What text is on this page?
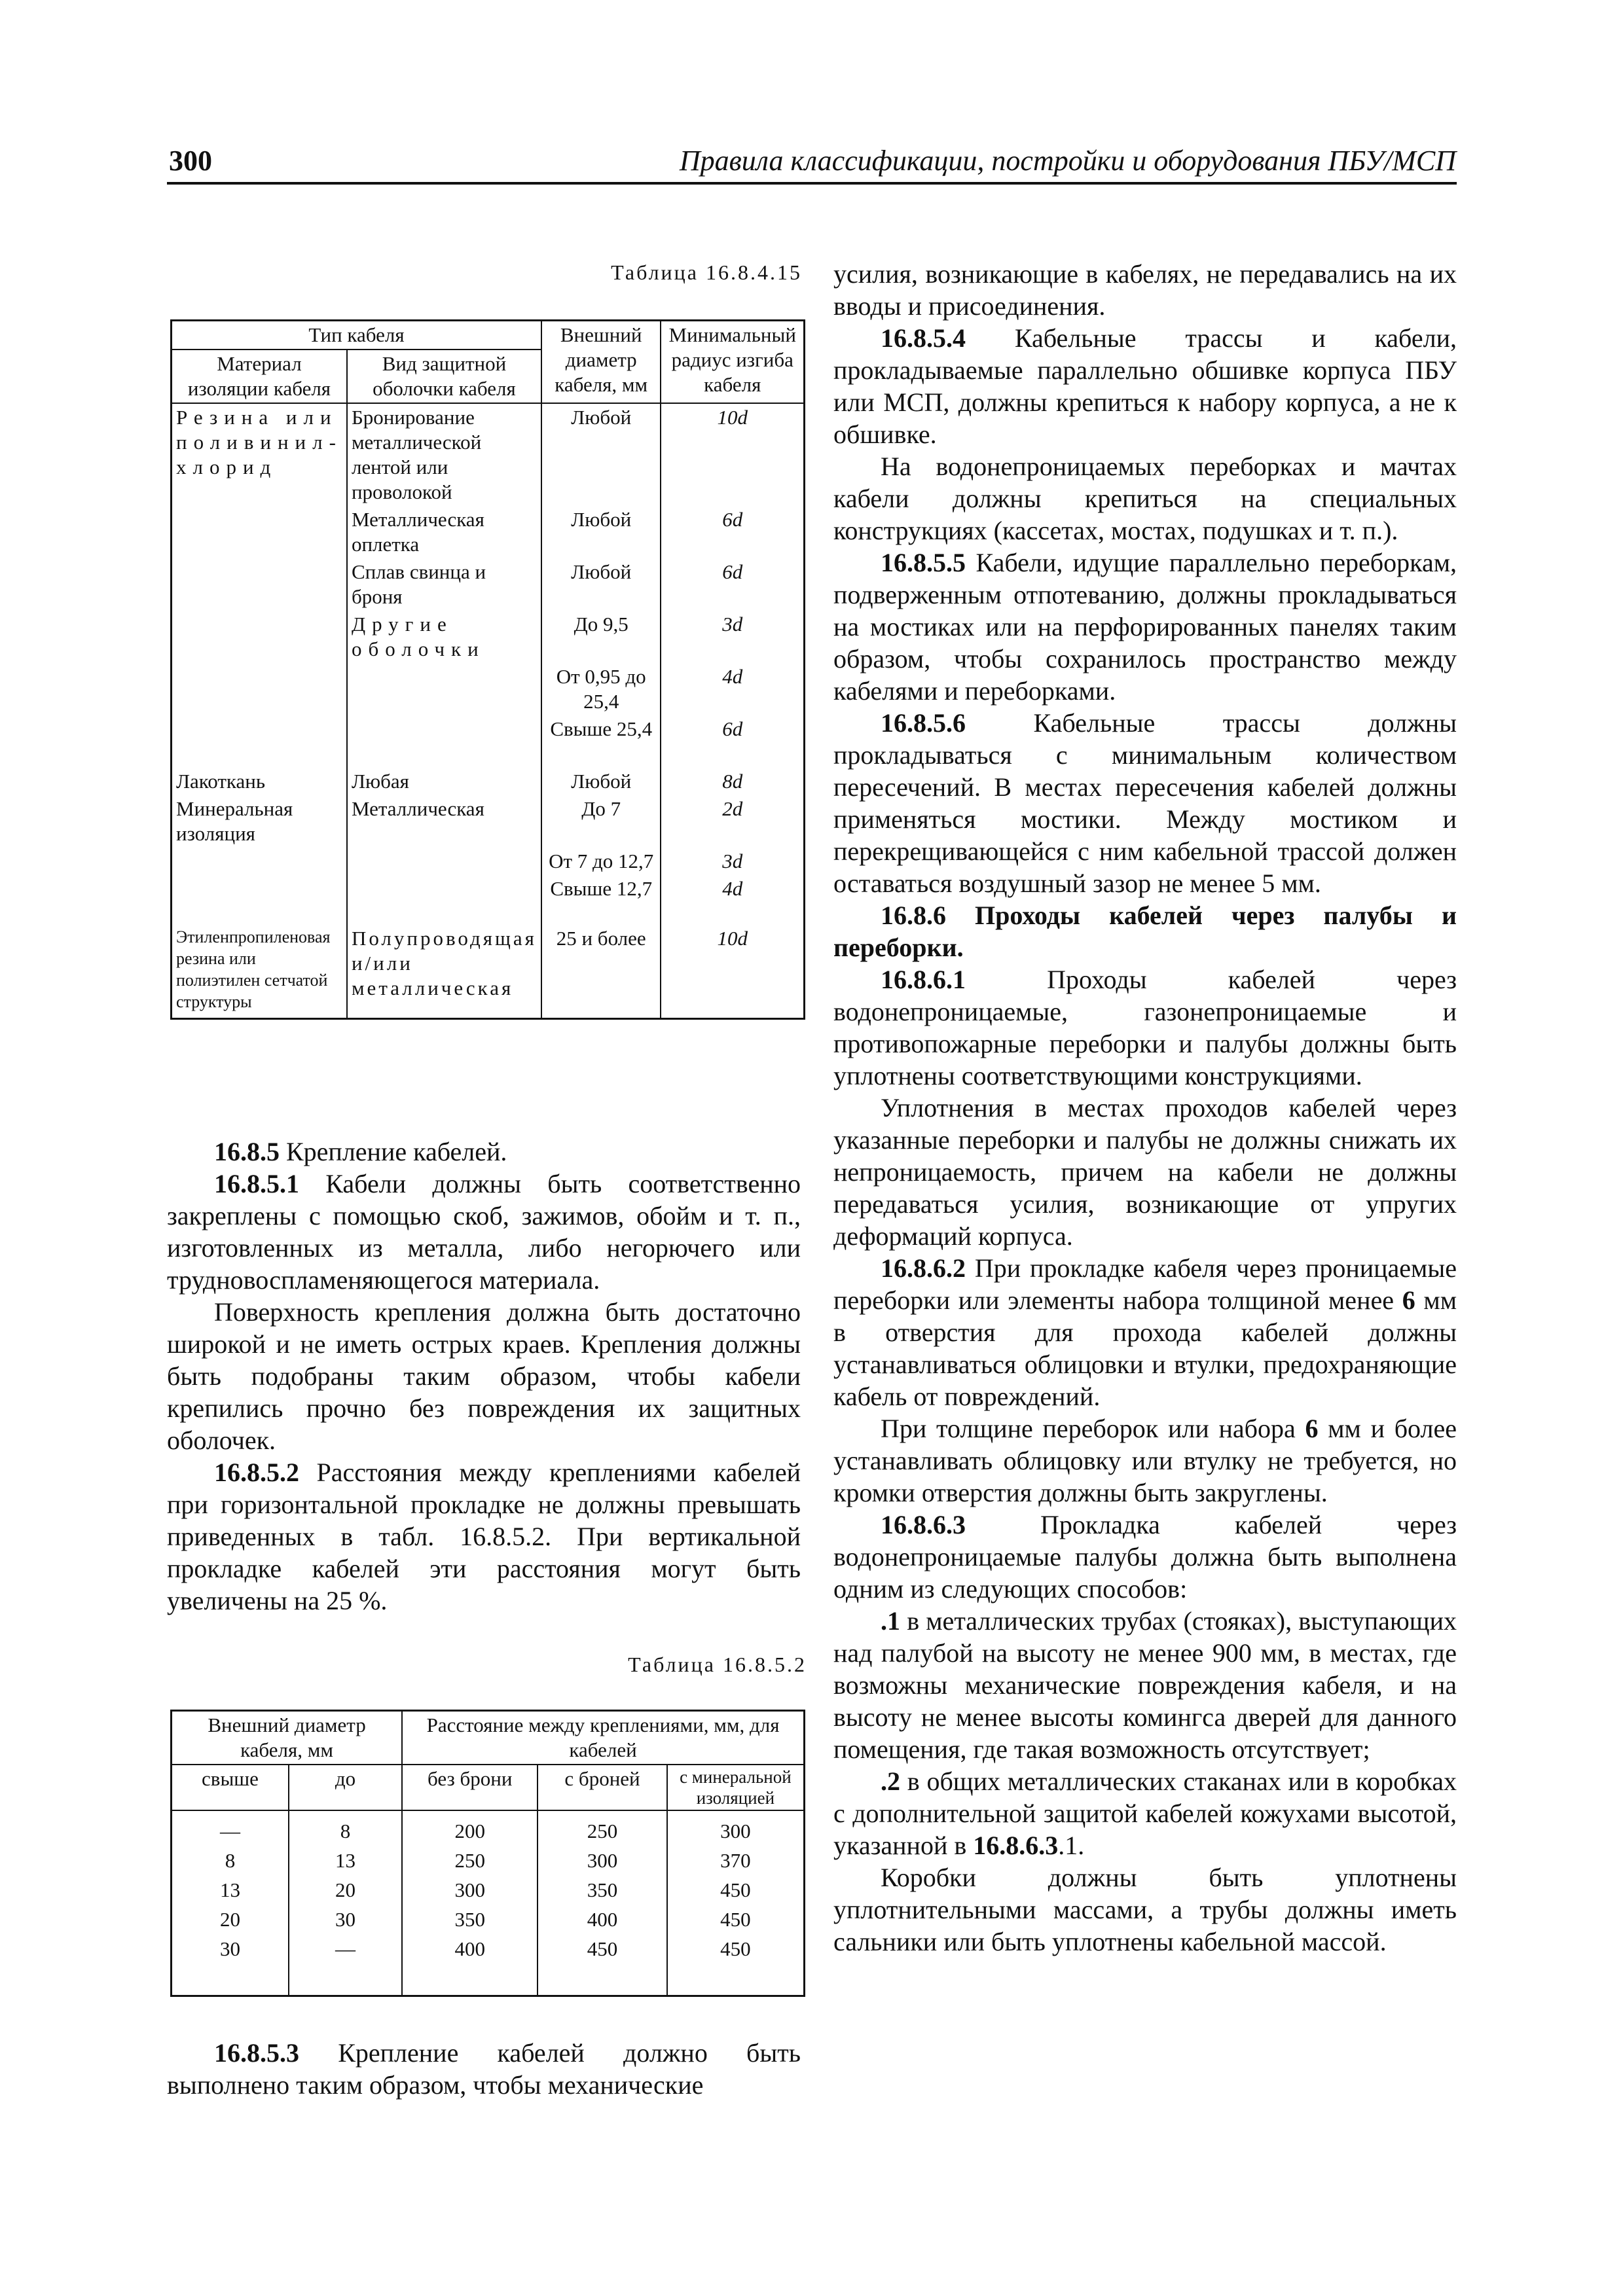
300	Правила классификации, постройки и оборудования ПБУ/МСП
Таблица 16.8.4.15
Тип кабеля		Внешний диаметр кабеля, мм	Минимальный радиус изгиба кабеля
Материал изоляции кабеля	Вид защитной оболочки кабеля		
Резина или поливинил-хлорид	Бронирование металлической лентой или проволокой	Любой	10d
	Металлическая оплетка	Любой	6d
	Сплав свинца и броня	Любой	6d
	Другие оболочки	До 9,5	3d
		От 0,95 до 25,4	4d
		Свыше 25,4	6d
Лакоткань	Любая	Любой	8d
Минеральная изоляция	Металлическая	До 7	2d
		От 7 до 12,7	3d
		Свыше 12,7	4d
Этиленпропиленовая резина или полиэтилен сетчатой структуры	Полупроводящая и/или металлическая	25 и более	10d

16.8.5 Крепление кабелей.

16.8.5.1 Кабели должны быть соответственно закреплены с помощью скоб, зажимов, обойм и т. п., изготовленных из металла, либо негорючего или трудновоспламеняющегося материала.

Поверхность крепления должна быть достаточно широкой и не иметь острых краев. Крепления должны быть подобраны таким образом, чтобы кабели крепились прочно без повреждения их защитных оболочек.

16.8.5.2 Расстояния между креплениями кабелей при горизонтальной прокладке не должны превышать приведенных в табл. 16.8.5.2. При вертикальной прокладке кабелей эти расстояния могут быть увеличены на 25 %.

Таблица 16.8.5.2
Внешний диаметр кабеля, мм		Расстояние между креплениями, мм, для кабелей		
свыше	до	без брони	с броней	с минеральной изоляцией
—	8	200	250	300
8	13	250	300	370
13	20	300	350	450
20	30	350	400	450
30	—	400	450	450

16.8.5.3 Крепление кабелей должно быть выполнено таким образом, чтобы механические

усилия, возникающие в кабелях, не передавались на их вводы и присоединения.

16.8.5.4 Кабельные трассы и кабели, прокладываемые параллельно обшивке корпуса ПБУ или МСП, должны крепиться к набору корпуса, а не к обшивке.

На водонепроницаемых переборках и мачтах кабели должны крепиться на специальных конструкциях (кассетах, мостах, подушках и т. п.).

16.8.5.5 Кабели, идущие параллельно переборкам, подверженным отпотеванию, должны прокладываться на мостиках или на перфорированных панелях таким образом, чтобы сохранилось пространство между кабелями и переборками.

16.8.5.6	Кабельные трассы должны прокладываться с минимальным количеством пересечений. В местах пересечения кабелей должны применяться мостики. Между мостиком и перекрещивающейся с ним кабельной трассой должен оставаться воздушный зазор не менее 5 мм.

16.8.6 Проходы кабелей через палубы и переборки.

16.8.6.1	Проходы кабелей через водонепроницаемые, газонепроницаемые и противопожарные переборки и палубы должны быть уплотнены соответствующими конструкциями.

Уплотнения в местах проходов кабелей через указанные переборки и палубы не должны снижать их непроницаемость, причем на кабели не должны передаваться усилия, возникающие от упругих деформаций корпуса.

16.8.6.2 При прокладке кабеля через проницаемые переборки или элементы набора толщиной менее 6 мм в отверстия для прохода кабелей должны устанавливаться облицовки и втулки, предохраняющие кабель от повреждений.

При толщине переборок или набора 6 мм и более устанавливать облицовку или втулку не требуется, но кромки отверстия должны быть закруглены.

16.8.6.3	Прокладка кабелей через водонепроницаемые палубы должна быть выполнена одним из следующих способов:

.1 в металлических трубах (стояках), выступающих над палубой на высоту не менее 900 мм, в местах, где возможны механические повреждения кабеля, и на высоту не менее высоты комингса дверей для данного помещения, где такая возможность отсутствует;

.2 в общих металлических стаканах или в коробках с дополнительной защитой кабелей кожухами высотой, указанной в 16.8.6.3.1.

Коробки должны быть уплотнены уплотнительными массами, а трубы должны иметь сальники или быть уплотнены кабельной массой.
